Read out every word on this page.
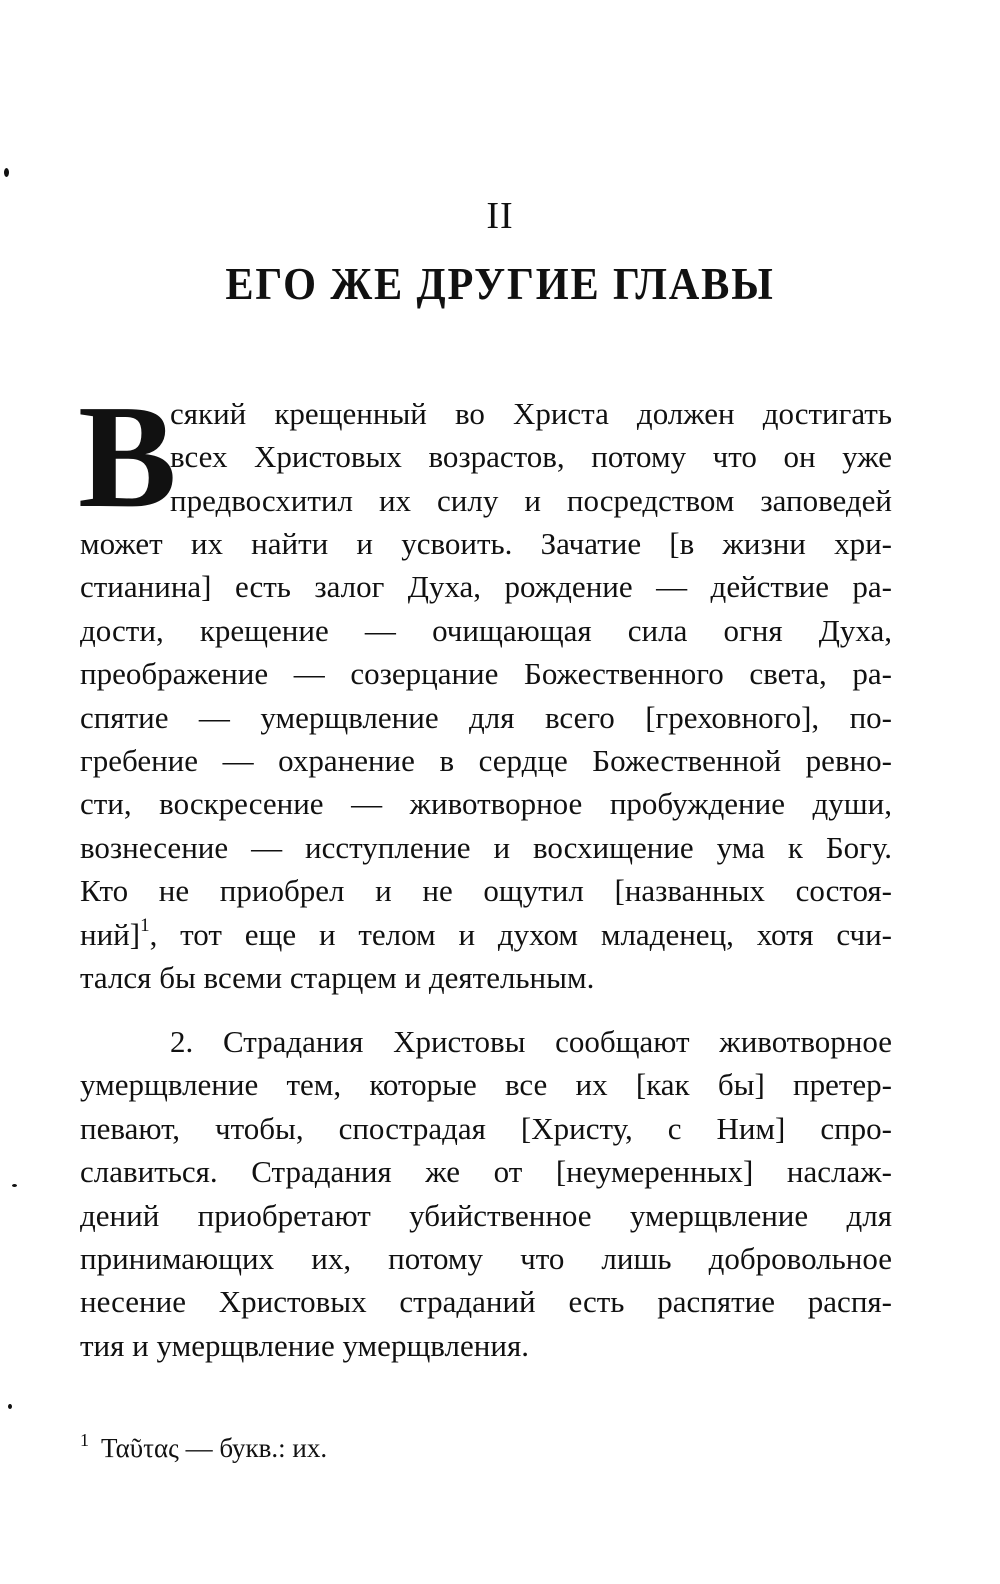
II
ЕГО ЖЕ ДРУГИЕ ГЛАВЫ
В
сякий крещенный во Христа должен достигать
всех Христовых возрастов, потому что он уже
предвосхитил их силу и посредством заповедей
может их найти и усвоить. Зачатие [в жизни хри-
стианина] есть залог Духа, рождение — действие ра-
дости, крещение — очищающая сила огня Духа,
преображение — созерцание Божественного света, ра-
спятие — умерщвление для всего [греховного], по-
гребение — охранение в сердце Божественной ревно-
сти, воскресение — животворное пробуждение души,
вознесение — исступление и восхищение ума к Богу.
Кто не приобрел и не ощутил [названных состоя-
ний]$^1$, тот еще и телом и духом младенец, хотя счи-
тался бы всеми старцем и деятельным.
2. Страдания Христовы сообщают животворное
умерщвление тем, которые все их [как бы] претер-
певают, чтобы, спострадая [Христу, с Ним] спро-
славиться. Страдания же от [неумеренных] наслаж-
дений приобретают убийственное умерщвление для
принимающих их, потому что лишь добровольное
несение Христовых страданий есть распятие распя-
тия и умерщвление умерщвления.
$^1$ Ταῦτας — букв.: их.
